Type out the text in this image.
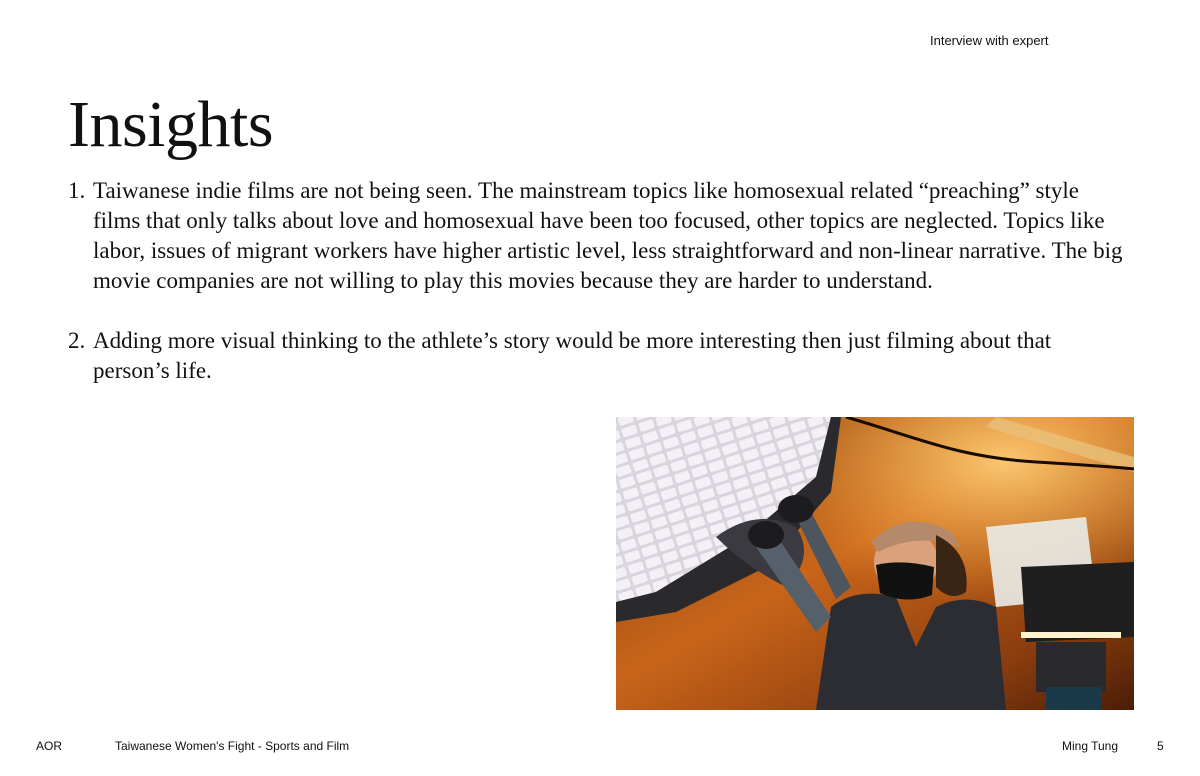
Interview with expert
Insights
1. Taiwanese indie films are not being seen. The mainstream topics like homosexual related “preaching” style films that only talks about love and homosexual have been too focused, other topics are neglected. Topics like labor, issues of migrant workers have higher artistic level, less straightforward and non-linear narrative. The big movie companies are not willing to play this movies because they are harder to understand.
2. Adding more visual thinking to the athlete’s story would be more interesting then just filming about that person’s life.
AOR	Taiwanese Women's Fight - Sports and Film	Ming Tung	5
